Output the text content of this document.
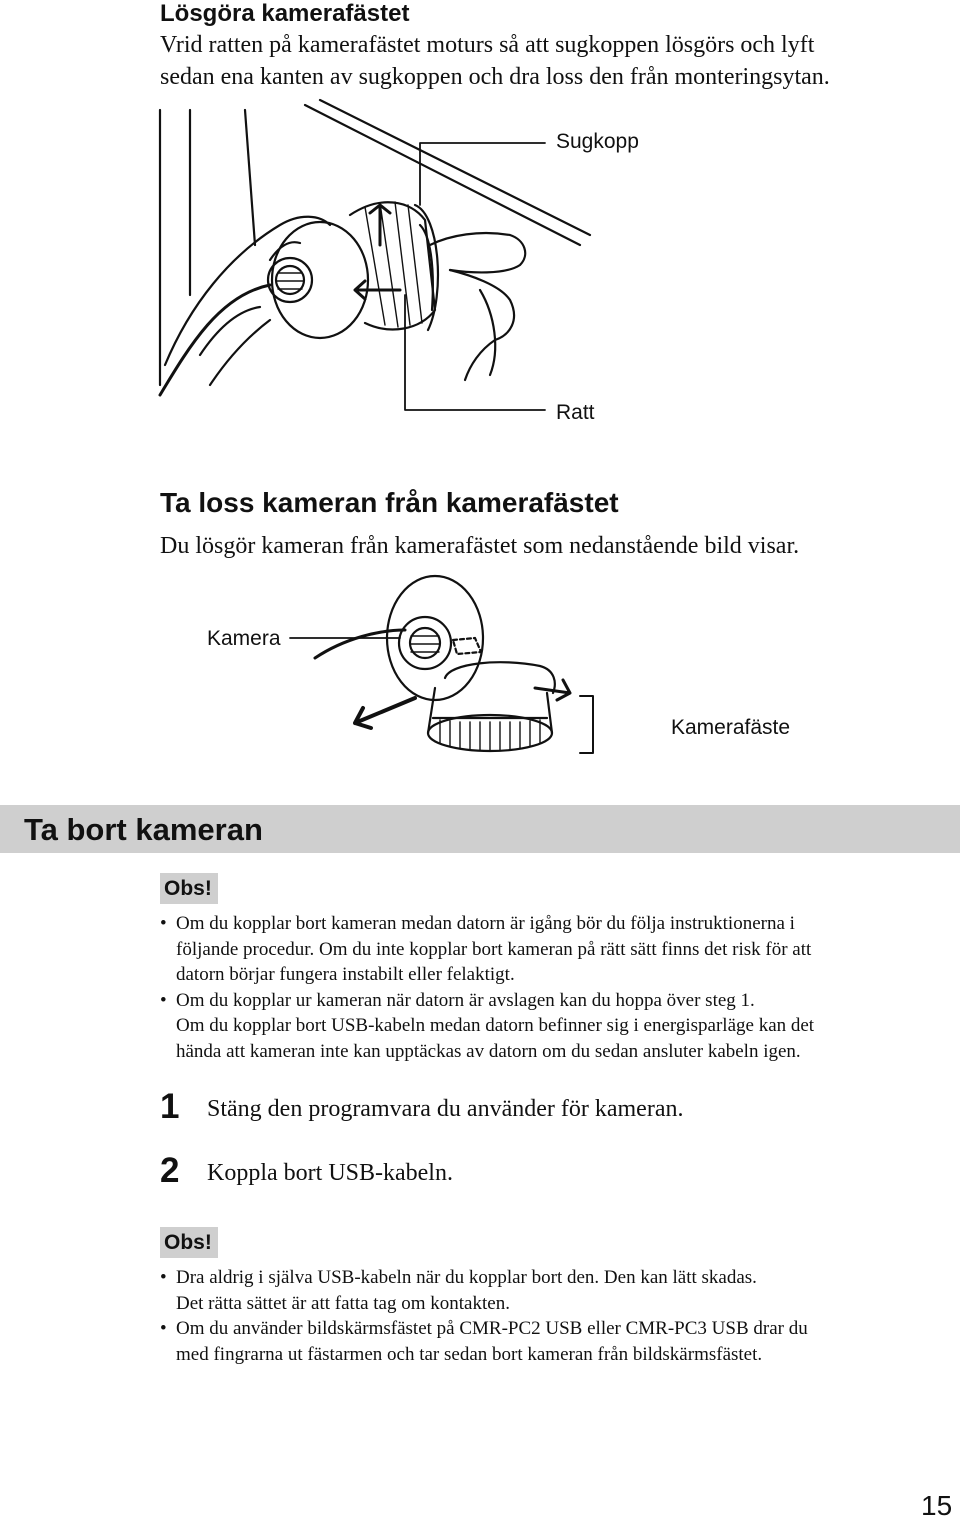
Lösgöra kamerafästet
Vrid ratten på kamerafästet moturs så att sugkoppen lösgörs och lyft
sedan ena kanten av sugkoppen och dra loss den från monteringsytan.
Sugkopp
Ratt
Ta loss kameran från kamerafästet
Du lösgör kameran från kamerafästet som nedanstående bild visar.
Kamera
Kamerafäste
Ta bort kameran
Obs!
• Om du kopplar bort kameran medan datorn är igång bör du följa instruktionerna i
följande procedur. Om du inte kopplar bort kameran på rätt sätt finns det risk för att
datorn börjar fungera instabilt eller felaktigt.
• Om du kopplar ur kameran när datorn är avslagen kan du hoppa över steg 1.
Om du kopplar bort USB-kabeln medan datorn befinner sig i energisparläge kan det
hända att kameran inte kan upptäckas av datorn om du sedan ansluter kabeln igen.
1 Stäng den programvara du använder för kameran.
2 Koppla bort USB-kabeln.
Obs!
• Dra aldrig i själva USB-kabeln när du kopplar bort den. Den kan lätt skadas.
Det rätta sättet är att fatta tag om kontakten.
• Om du använder bildskärmsfästet på CMR-PC2 USB eller CMR-PC3 USB drar du
med fingrarna ut fästarmen och tar sedan bort kameran från bildskärmsfästet.
15
